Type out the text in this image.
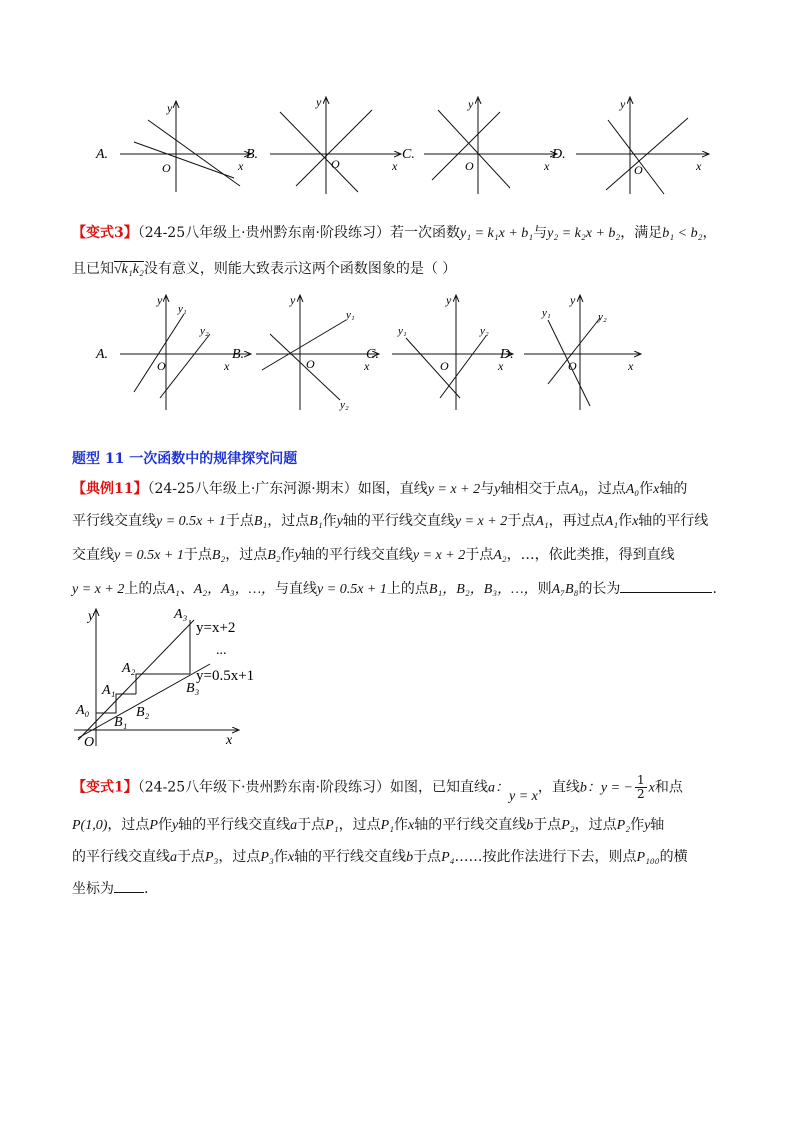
A.
y
x
O
B.
y
x
O
C.
y
x
O
D.
y
x
O
【变式3】（24-25八年级上·贵州黔东南·阶段练习）若一次函数y₁ = k₁x + b₁与y₂ = k₂x + b₂，满足b₁ < b₂，
且已知√k₁k₂没有意义，则能大致表示这两个函数图象的是（ ）
A.
y
x
O
y₁
y₂
B.
y
x
O
y₁
y₂
C.
y
x
O
y₁	y₂
D.
y
x
O
y₁	y₂
题型 11 一次函数中的规律探究问题
【典例11】（24-25八年级上·广东河源·期末）如图，直线y = x + 2与y轴相交于点A₀，过点A₀作x轴的
平行线交直线y = 0.5x + 1于点B₁，过点B₁作y轴的平行线交直线y = x + 2于点A₁，再过点A₁作x轴的平行线
交直线y = 0.5x + 1于点B₂，过点B₂作y轴的平行线交直线y = x + 2于点A₂，…，依此类推，得到直线
y = x + 2上的点A₁、A₂，A₃，…，与直线y = 0.5x + 1上的点B₁，B₂，B₃，…，则A₇B₈的长为	.
y
x
O
y=x+2
...
y=0.5x+1
A₀
A₁
A₂
A₃
B₁
B₂
B₃
【变式1】（24-25八年级下·贵州黔东南·阶段练习）如图，已知直线a：y = x，直线b：y = − $\frac{1}{2}$ x和点
P(1,0)，过点P作y轴的平行线交直线a于点P₁，过点P₁作x轴的平行线交直线b于点P₂，过点P₂作y轴
的平行线交直线a于点P₃，过点P₃作x轴的平行线交直线b于点P₄……按此作法进行下去，则点P₁₀₀的横
坐标为 .
